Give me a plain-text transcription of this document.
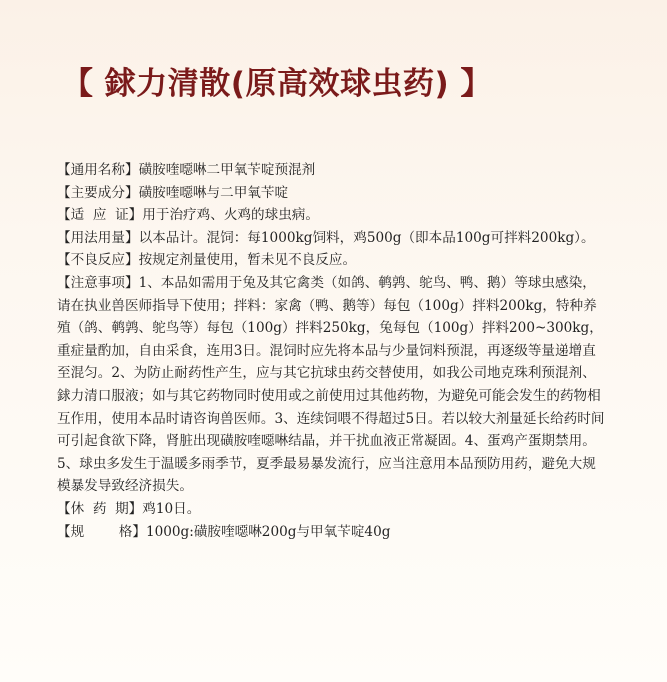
【 銶力清散(原高效球虫药) 】

【通用名称】磺胺喹噁啉二甲氧苄啶预混剂

【主要成分】磺胺喹噁啉与二甲氧苄啶

【适  应  证】用于治疗鸡、火鸡的球虫病。

【用法用量】以本品计。混饲：每1000kg饲料，鸡500g（即本品100g可拌料200kg）。

【不良反应】按规定剂量使用，暂未见不良反应。

【注意事项】1、本品如需用于兔及其它禽类（如鸽、鹌鹑、鸵鸟、鸭、鹅）等球虫感染，请在执业兽医师指导下使用；拌料：家禽（鸭、鹅等）每包（100g）拌料200kg，特种养殖（鸽、鹌鹑、鸵鸟等）每包（100g）拌料250kg，兔每包（100g）拌料200~300kg，重症量酌加，自由采食，连用3日。混饲时应先将本品与少量饲料预混，再逐级等量递增直至混匀。2、为防止耐药性产生，应与其它抗球虫药交替使用，如我公司地克珠利预混剂、銶力清口服液；如与其它药物同时使用或之前使用过其他药物，为避免可能会发生的药物相互作用，使用本品时请咨询兽医师。3、连续饲喂不得超过5日。若以较大剂量延长给药时间可引起食欲下降，肾脏出现磺胺喹噁啉结晶，并干扰血液正常凝固。4、蛋鸡产蛋期禁用。5、球虫多发生于温暖多雨季节，夏季最易暴发流行，应当注意用本品预防用药，避免大规模暴发导致经济损失。

【休  药  期】鸡10日。

【规        格】1000g:磺胺喹噁啉200g与甲氧苄啶40g
